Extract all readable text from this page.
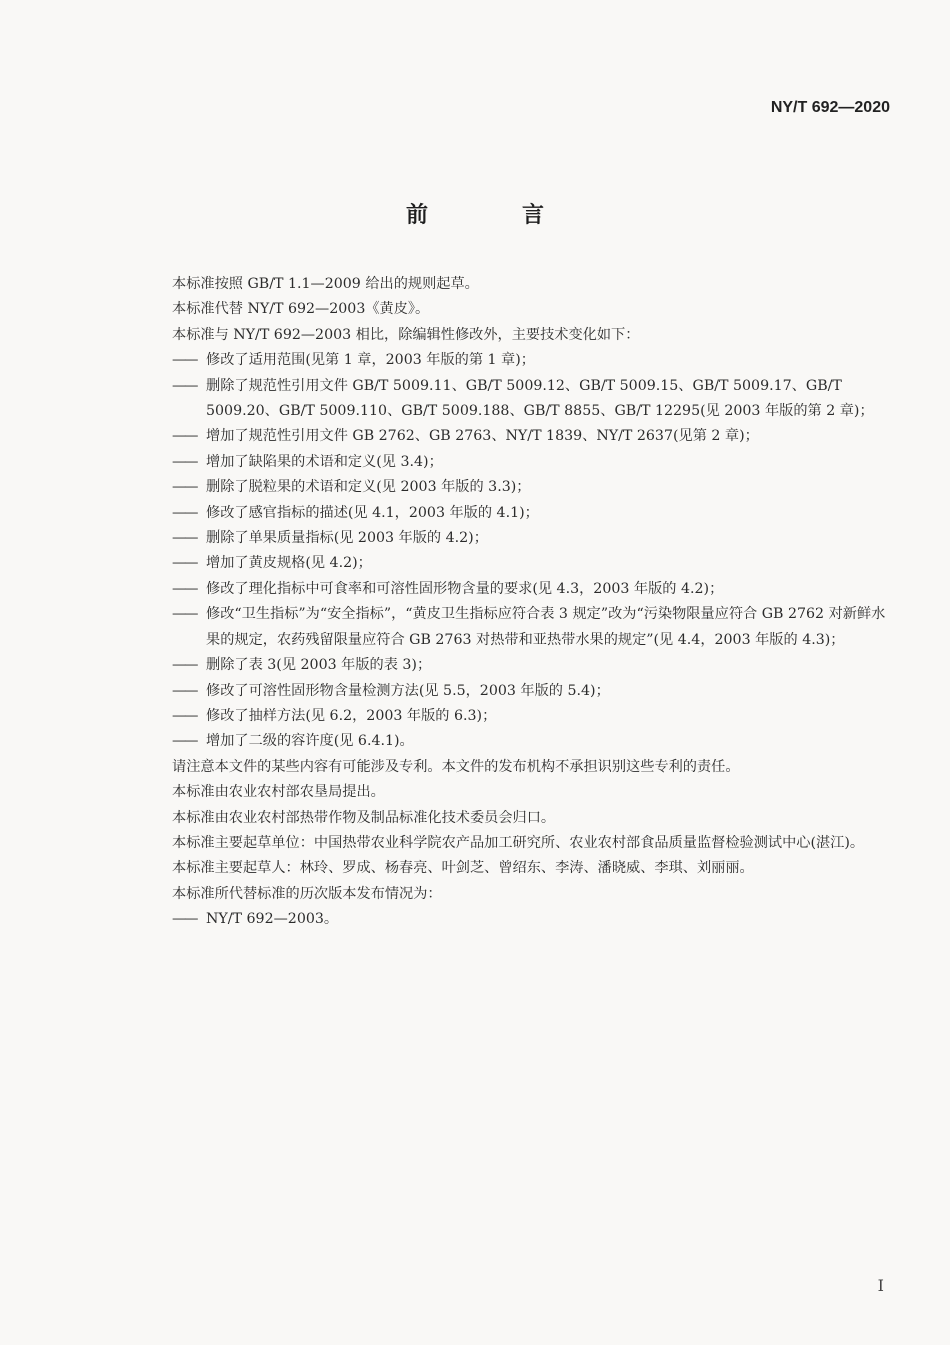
NY/T 692—2020
前　言

本标准按照 GB/T 1.1—2009 给出的规则起草。

本标准代替 NY/T 692—2003《黄皮》。

本标准与 NY/T 692—2003 相比，除编辑性修改外，主要技术变化如下：

—— 修改了适用范围(见第 1 章，2003 年版的第 1 章)；
—— 删除了规范性引用文件 GB/T 5009.11、GB/T 5009.12、GB/T 5009.15、GB/T 5009.17、GB/T 5009.20、GB/T 5009.110、GB/T 5009.188、GB/T 8855、GB/T 12295(见 2003 年版的第 2 章)；
—— 增加了规范性引用文件 GB 2762、GB 2763、NY/T 1839、NY/T 2637(见第 2 章)；
—— 增加了缺陷果的术语和定义(见 3.4)；
—— 删除了脱粒果的术语和定义(见 2003 年版的 3.3)；
—— 修改了感官指标的描述(见 4.1，2003 年版的 4.1)；
—— 删除了单果质量指标(见 2003 年版的 4.2)；
—— 增加了黄皮规格(见 4.2)；
—— 修改了理化指标中可食率和可溶性固形物含量的要求(见 4.3，2003 年版的 4.2)；
—— 修改“卫生指标”为“安全指标”，“黄皮卫生指标应符合表 3 规定”改为“污染物限量应符合 GB 2762 对新鲜水果的规定，农药残留限量应符合 GB 2763 对热带和亚热带水果的规定”(见 4.4，2003 年版的 4.3)；
—— 删除了表 3(见 2003 年版的表 3)；
—— 修改了可溶性固形物含量检测方法(见 5.5，2003 年版的 5.4)；
—— 修改了抽样方法(见 6.2，2003 年版的 6.3)；
—— 增加了二级的容许度(见 6.4.1)。

请注意本文件的某些内容有可能涉及专利。本文件的发布机构不承担识别这些专利的责任。

本标准由农业农村部农垦局提出。

本标准由农业农村部热带作物及制品标准化技术委员会归口。

本标准主要起草单位：中国热带农业科学院农产品加工研究所、农业农村部食品质量监督检验测试中心(湛江)。

本标准主要起草人：林玲、罗成、杨春亮、叶剑芝、曾绍东、李涛、潘晓威、李琪、刘丽丽。

本标准所代替标准的历次版本发布情况为：

—— NY/T 692—2003。
I
